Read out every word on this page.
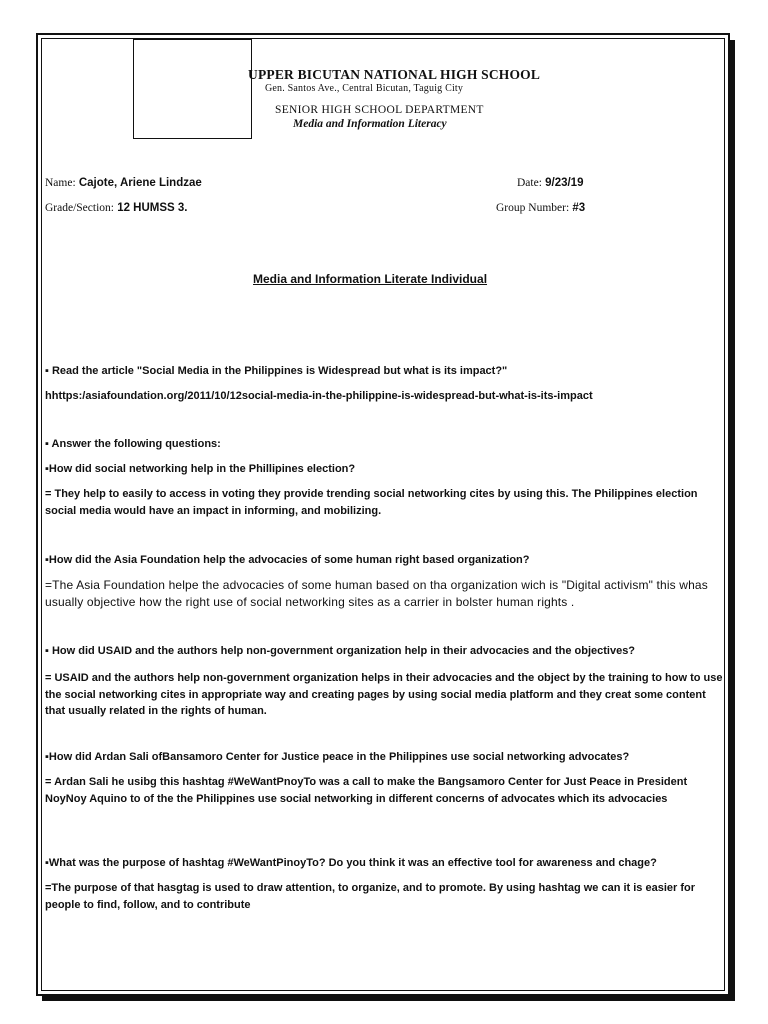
UPPER BICUTAN NATIONAL HIGH SCHOOL
Gen. Santos Ave., Central Bicutan, Taguig City
SENIOR HIGH SCHOOL DEPARTMENT
Media and Information Literacy
Name: Cajote, Ariene Lindzae	Date: 9/23/19
Grade/Section: 12 HUMSS 3.	Group Number: #3
Media and Information Literate Individual
▪ Read the article "Social Media in the Philippines is Widespread but what is its impact?"
hhttps:/asiafoundation.org/2011/10/12social-media-in-the-philippine-is-widespread-but-what-is-its-impact
▪ Answer the following questions:
▪How did social networking help in the Phillipines election?
= They help to easily to access in voting they provide trending social networking cites by using this. The Philippines election social media would have an impact in informing, and mobilizing.
▪How did the Asia Foundation help the advocacies of some human right based organization?
=The Asia Foundation helpe the advocacies of some human based on tha organization wich is "Digital activism" this whas usually objective how the right use of social networking sites as a carrier in bolster human rights .
▪ How did USAID and the authors help non-government organization help in their advocacies and the objectives?
= USAID and the authors help non-government organization helps in their advocacies and the object by the training to how to use the social networking cites in appropriate way and creating pages by using social media platform and they creat some content that usually related in the rights of human.
▪How did Ardan Sali ofBansamoro Center for Justice peace in the Philippines use social networking advocates?
= Ardan Sali he usibg this hashtag #WeWantPnoyTo was a call to make the Bangsamoro Center for Just Peace in President NoyNoy Aquino to of the the Philippines use social networking in different concerns of advocates which its advocacies
▪What was the purpose of hashtag #WeWantPinoyTo? Do you think it was an effective tool for awareness and chage?
=The purpose of that hasgtag is used to draw attention, to organize, and to promote. By using hashtag we can it is easier for people to find, follow, and to contribute
